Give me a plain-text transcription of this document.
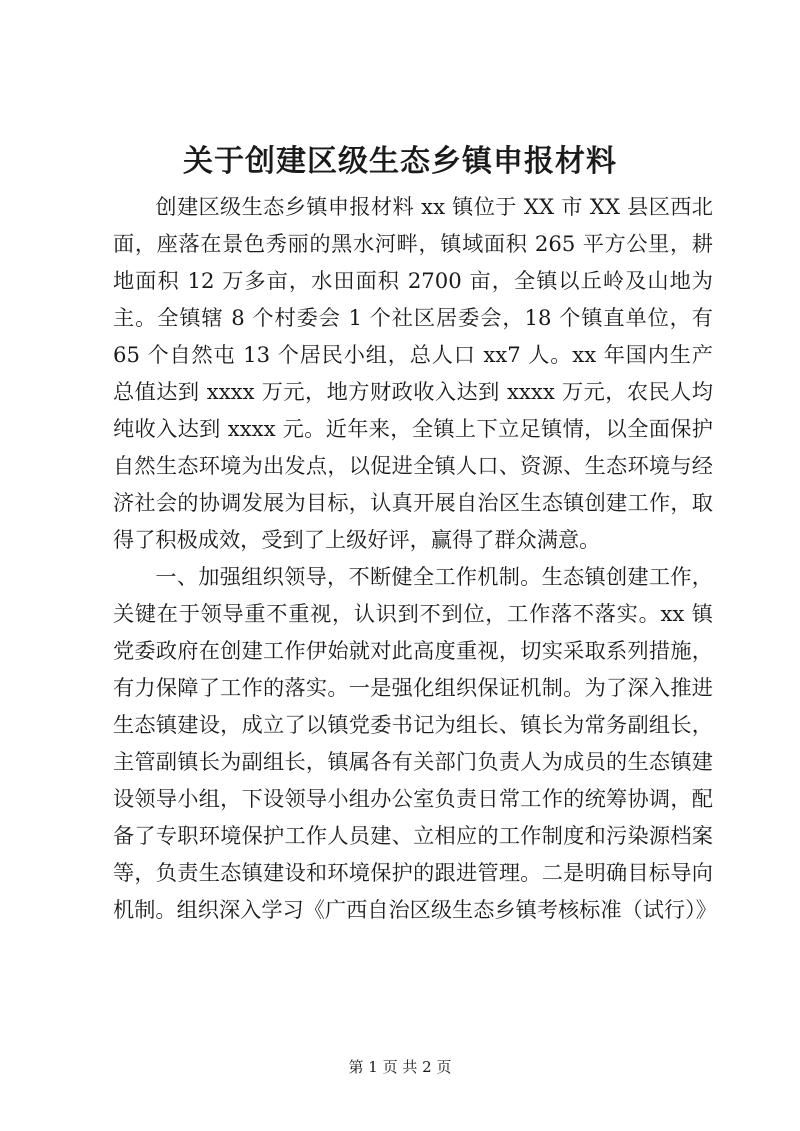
关于创建区级生态乡镇申报材料

创建区级生态乡镇申报材料 xx 镇位于 XX 市 XX 县区西北面，座落在景色秀丽的黑水河畔，镇域面积 265 平方公里，耕地面积 12 万多亩，水田面积 2700 亩，全镇以丘岭及山地为主。全镇辖 8 个村委会 1 个社区居委会，18 个镇直单位，有 65 个自然屯 13 个居民小组，总人口 xx7 人。xx 年国内生产总值达到 xxxx 万元，地方财政收入达到 xxxx 万元，农民人均纯收入达到 xxxx 元。近年来，全镇上下立足镇情，以全面保护自然生态环境为出发点，以促进全镇人口、资源、生态环境与经济社会的协调发展为目标，认真开展自治区生态镇创建工作，取得了积极成效，受到了上级好评，赢得了群众满意。

一、加强组织领导，不断健全工作机制。生态镇创建工作，关键在于领导重不重视，认识到不到位，工作落不落实。xx 镇党委政府在创建工作伊始就对此高度重视，切实采取系列措施，有力保障了工作的落实。一是强化组织保证机制。为了深入推进生态镇建设，成立了以镇党委书记为组长、镇长为常务副组长，主管副镇长为副组长，镇属各有关部门负责人为成员的生态镇建设领导小组，下设领导小组办公室负责日常工作的统筹协调，配备了专职环境保护工作人员建、立相应的工作制度和污染源档案等，负责生态镇建设和环境保护的跟进管理。二是明确目标导向机制。组织深入学习《广西自治区级生态乡镇考核标准（试行）》

第 1 页 共 2 页
